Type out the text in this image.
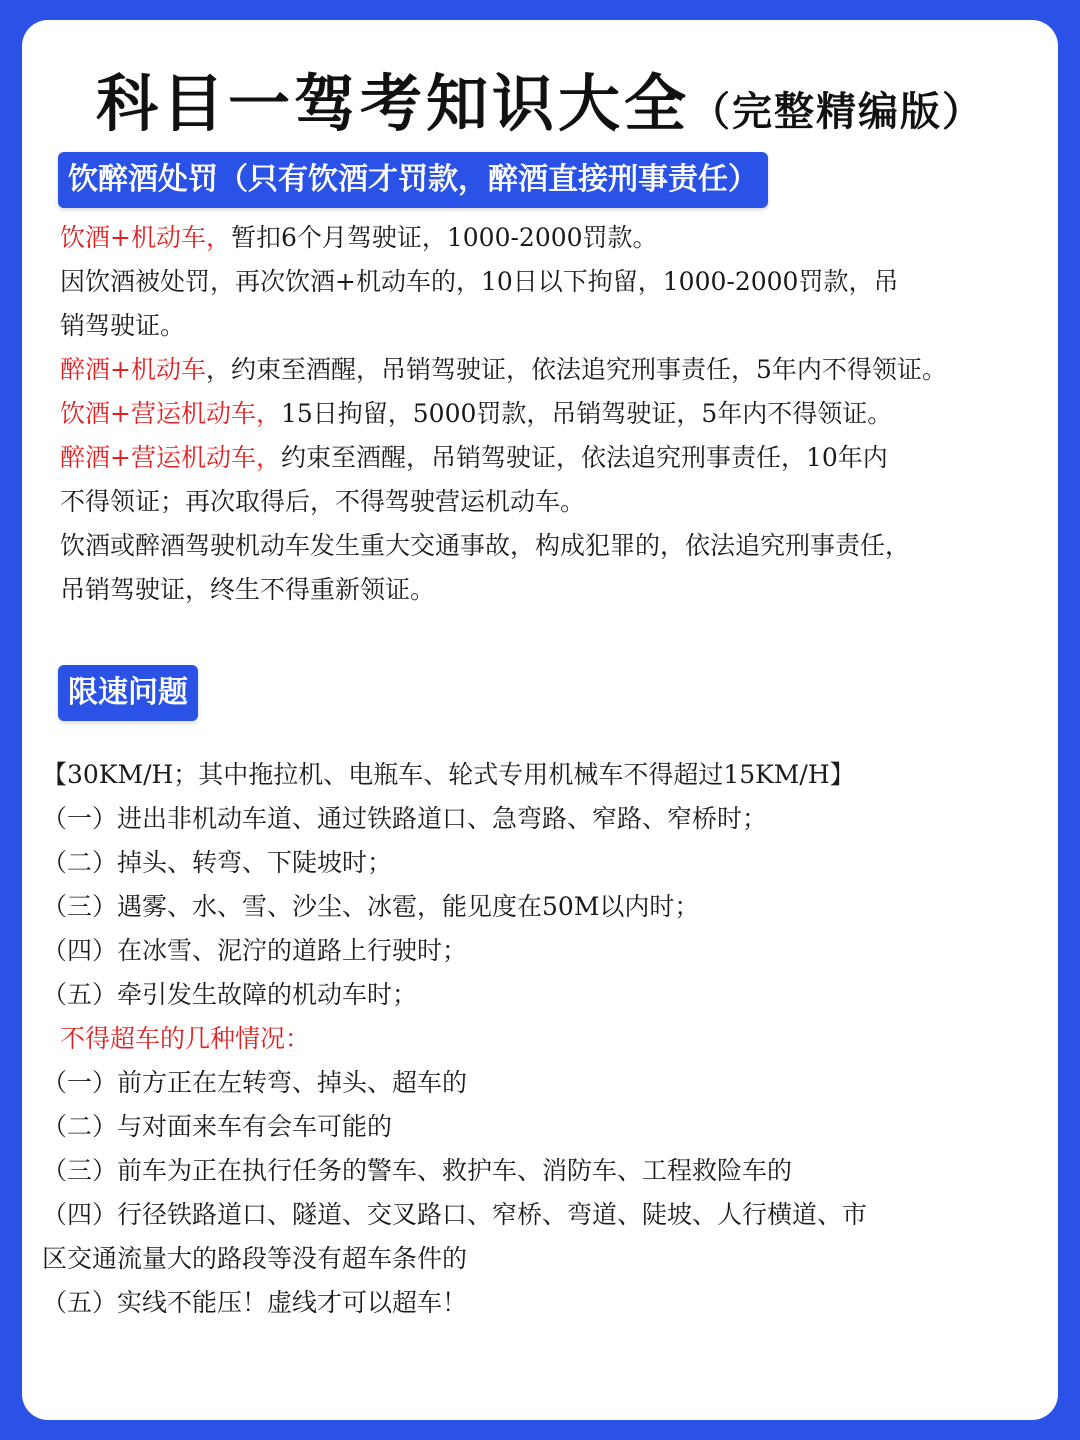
科目一驾考知识大全（完整精编版）
饮醉酒处罚（只有饮酒才罚款，醉酒直接刑事责任）
饮酒+机动车，暂扣6个月驾驶证，1000-2000罚款。
因饮酒被处罚，再次饮酒+机动车的，10日以下拘留，1000-2000罚款，吊
销驾驶证。
醉酒+机动车，约束至酒醒，吊销驾驶证，依法追究刑事责任，5年内不得领证。
饮酒+营运机动车，15日拘留，5000罚款，吊销驾驶证，5年内不得领证。
醉酒+营运机动车，约束至酒醒，吊销驾驶证，依法追究刑事责任，10年内
不得领证；再次取得后，不得驾驶营运机动车。
饮酒或醉酒驾驶机动车发生重大交通事故，构成犯罪的，依法追究刑事责任，
吊销驾驶证，终生不得重新领证。
限速问题
【30KM/H；其中拖拉机、电瓶车、轮式专用机械车不得超过15KM/H】
（一）进出非机动车道、通过铁路道口、急弯路、窄路、窄桥时；
（二）掉头、转弯、下陡坡时；
（三）遇雾、水、雪、沙尘、冰雹，能见度在50M以内时；
（四）在冰雪、泥泞的道路上行驶时；
（五）牵引发生故障的机动车时；
不得超车的几种情况：
（一）前方正在左转弯、掉头、超车的
（二）与对面来车有会车可能的
（三）前车为正在执行任务的警车、救护车、消防车、工程救险车的
（四）行径铁路道口、隧道、交叉路口、窄桥、弯道、陡坡、人行横道、市
区交通流量大的路段等没有超车条件的
（五）实线不能压！虚线才可以超车！
